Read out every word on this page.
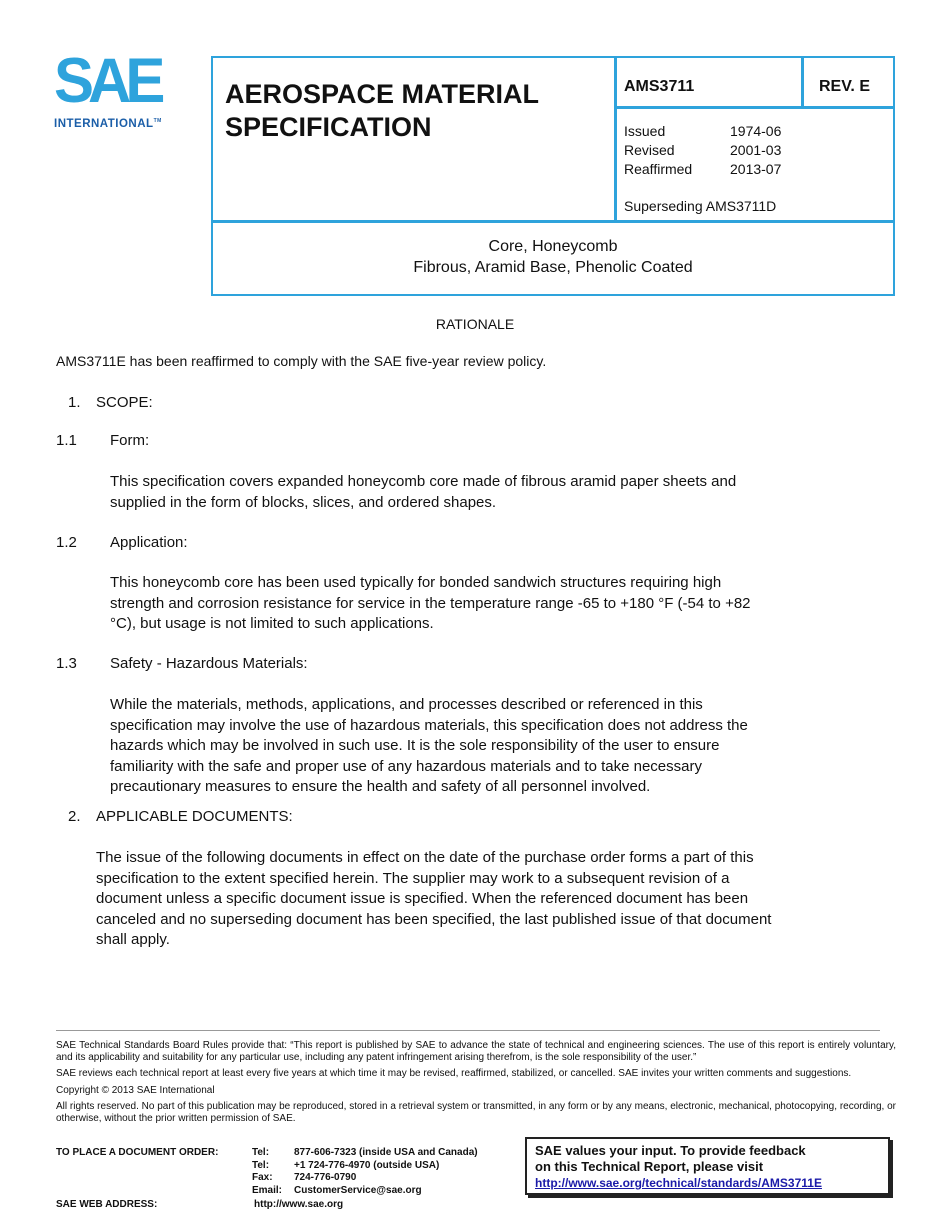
SAE
INTERNATIONAL™
AEROSPACE MATERIAL
SPECIFICATION
AMS3711	REV. E
Issued	1974-06
Revised	2001-03
Reaffirmed	2013-07
Superseding AMS3711D
Core, Honeycomb
Fibrous, Aramid Base, Phenolic Coated
RATIONALE
AMS3711E has been reaffirmed to comply with the SAE five-year review policy.
1. SCOPE:
1.1 Form:
This specification covers expanded honeycomb core made of fibrous aramid paper sheets and
supplied in the form of blocks, slices, and ordered shapes.
1.2 Application:
This honeycomb core has been used typically for bonded sandwich structures requiring high
strength and corrosion resistance for service in the temperature range -65 to +180 °F (-54 to +82
°C), but usage is not limited to such applications.
1.3 Safety - Hazardous Materials:
While the materials, methods, applications, and processes described or referenced in this
specification may involve the use of hazardous materials, this specification does not address the
hazards which may be involved in such use. It is the sole responsibility of the user to ensure
familiarity with the safe and proper use of any hazardous materials and to take necessary
precautionary measures to ensure the health and safety of all personnel involved.
2. APPLICABLE DOCUMENTS:
The issue of the following documents in effect on the date of the purchase order forms a part of this
specification to the extent specified herein. The supplier may work to a subsequent revision of a
document unless a specific document issue is specified. When the referenced document has been
canceled and no superseding document has been specified, the last published issue of that document
shall apply.

SAE Technical Standards Board Rules provide that: “This report is published by SAE to advance the state of technical and engineering sciences. The use of this report is entirely voluntary, and its applicability and suitability for any particular use, including any patent infringement arising therefrom, is the sole responsibility of the user.”

SAE reviews each technical report at least every five years at which time it may be revised, reaffirmed, stabilized, or cancelled. SAE invites your written comments and suggestions.

Copyright © 2013 SAE International

All rights reserved. No part of this publication may be reproduced, stored in a retrieval system or transmitted, in any form or by any means, electronic, mechanical, photocopying, recording, or otherwise, without the prior written permission of SAE.

TO PLACE A DOCUMENT ORDER:	Tel: 877-606-7323 (inside USA and Canada)
Tel: +1 724-776-4970 (outside USA)
Fax: 724-776-0790
Email: CustomerService@sae.org
SAE WEB ADDRESS:	http://www.sae.org
SAE values your input. To provide feedback
on this Technical Report, please visit
http://www.sae.org/technical/standards/AMS3711E
